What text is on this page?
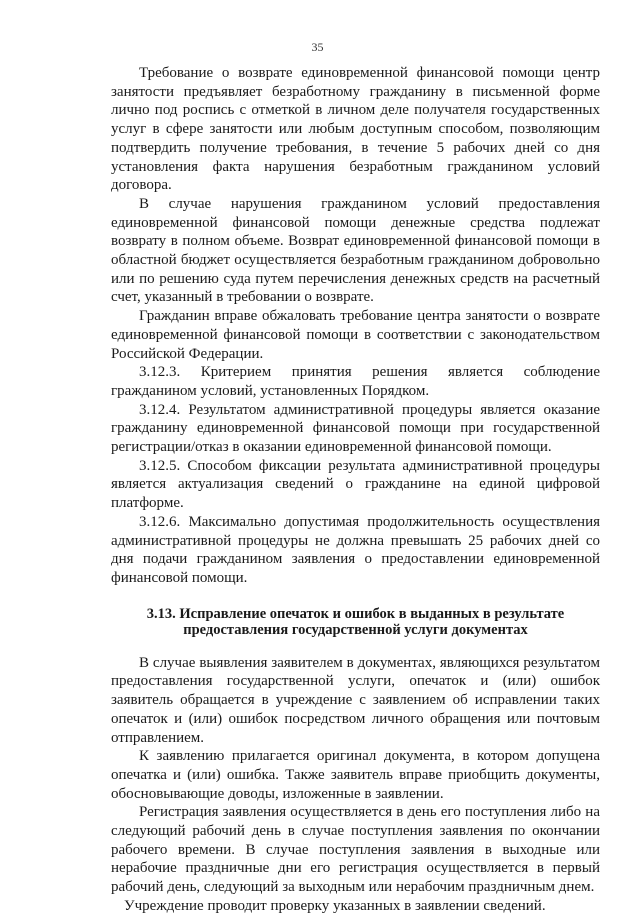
35

Требование о возврате единовременной финансовой помощи центр занятости предъявляет безработному гражданину в письменной форме лично под роспись с отметкой в личном деле получателя государственных услуг в сфере занятости или любым доступным способом, позволяющим подтвердить получение требования, в течение 5 рабочих дней со дня установления факта нарушения безработным гражданином условий договора.

В случае нарушения гражданином условий предоставления единовременной финансовой помощи денежные средства подлежат возврату в полном объеме. Возврат единовременной финансовой помощи в областной бюджет осуществляется безработным гражданином добровольно или по решению суда путем перечисления денежных средств на расчетный счет, указанный в требовании о возврате.

Гражданин вправе обжаловать требование центра занятости о возврате единовременной финансовой помощи в соответствии с законодательством Российской Федерации.

3.12.3. Критерием принятия решения является соблюдение гражданином условий, установленных Порядком.

3.12.4. Результатом административной процедуры является оказание гражданину единовременной финансовой помощи при государственной регистрации/отказ в оказании единовременной финансовой помощи.

3.12.5. Способом фиксации результата административной процедуры является актуализация сведений о гражданине на единой цифровой платформе.

3.12.6. Максимально допустимая продолжительность осуществления административной процедуры не должна превышать 25 рабочих дней со дня подачи гражданином заявления о предоставлении единовременной финансовой помощи.

3.13. Исправление опечаток и ошибок в выданных в результате
предоставления государственной услуги документах

В случае выявления заявителем в документах, являющихся результатом предоставления государственной услуги, опечаток и (или) ошибок заявитель обращается в учреждение с заявлением об исправлении таких опечаток и (или) ошибок посредством личного обращения или почтовым отправлением.

К заявлению прилагается оригинал документа, в котором допущена опечатка и (или) ошибка. Также заявитель вправе приобщить документы, обосновывающие доводы, изложенные в заявлении.

Регистрация заявления осуществляется в день его поступления либо на следующий рабочий день в случае поступления заявления по окончании рабочего времени. В случае поступления заявления в выходные или нерабочие праздничные дни его регистрация осуществляется в первый рабочий день, следующий за выходным или нерабочим праздничным днем.

Учреждение проводит проверку указанных в заявлении сведений.
